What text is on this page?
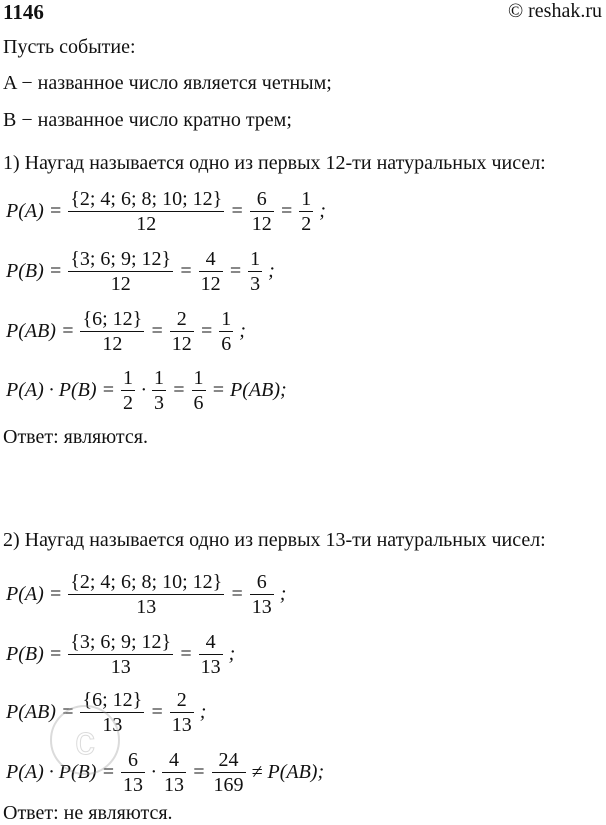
1146	© reshak.ru
Пусть событие:
A − названное число является четным;
B − названное число кратно трем;
1) Наугад называется одно из первых 12-ти натуральных чисел:
$P(A) = \frac{\{2; 4; 6; 8; 10; 12\}}{12} = \frac{6}{12} = \frac{1}{2}$ ;
$P(B) = \frac{\{3; 6; 9; 12\}}{12} = \frac{4}{12} = \frac{1}{3}$ ;
$P(AB) = \frac{\{6; 12\}}{12} = \frac{2}{12} = \frac{1}{6}$ ;
$P(A) \cdot P(B) = \frac{1}{2} \cdot \frac{1}{3} = \frac{1}{6} = P(AB)$;
Ответ: являются.
2) Наугад называется одно из первых 13-ти натуральных чисел:
$P(A) = \frac{\{2; 4; 6; 8; 10; 12\}}{13} = \frac{6}{13}$ ;
$P(B) = \frac{\{3; 6; 9; 12\}}{13} = \frac{4}{13}$ ;
$P(AB) = \frac{\{6; 12\}}{13} = \frac{2}{13}$ ;
$P(A) \cdot P(B) = \frac{6}{13} \cdot \frac{4}{13} = \frac{24}{169} \ne P(AB)$;
Ответ: не являются.
c
